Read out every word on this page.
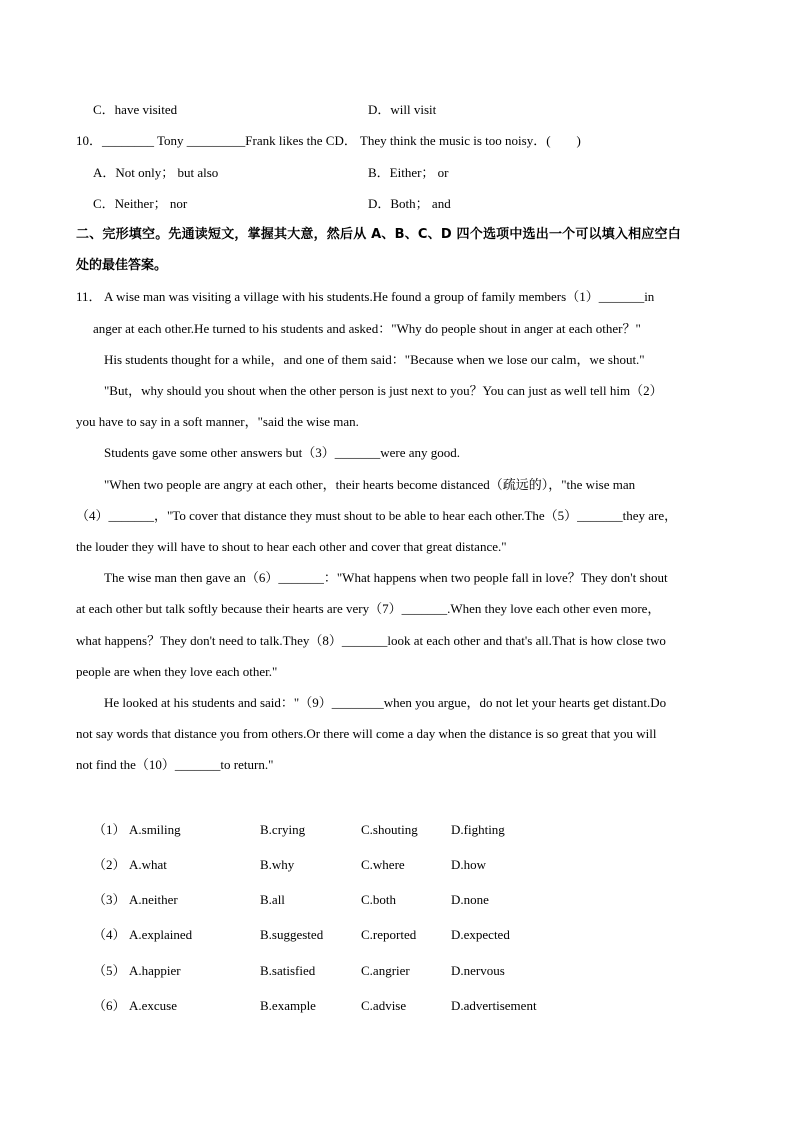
C．have visited	D．will visit
10．________ Tony _________Frank likes the CD． They think the music is too noisy．(　　)
A．Not only； but also	B．Either； or
C．Neither； nor	D．Both； and
二、完形填空。先通读短文，掌握其大意，然后从 A、B、C、D 四个选项中选出一个可以填入相应空白
处的最佳答案。
11． A wise man was visiting a village with his students.He found a group of family members（1）_______in
anger at each other.He turned to his students and asked："Why do people shout in anger at each other？"
His students thought for a while，and one of them said："Because when we lose our calm，we shout."
"But，why should you shout when the other person is just next to you？You can just as well tell him（2）
you have to say in a soft manner，"said the wise man.
Students gave some other answers but（3）_______were any good.
"When two people are angry at each other，their hearts become distanced（疏远的），"the wise man
（4）_______，"To cover that distance they must shout to be able to hear each other.The（5）_______they are，
the louder they will have to shout to hear each other and cover that great distance."
The wise man then gave an（6）_______："What happens when two people fall in love？They don't shout
at each other but talk softly because their hearts are very（7）_______.When they love each other even more，
what happens？They don't need to talk.They（8）_______look at each other and that's all.That is how close two
people are when they love each other."
He looked at his students and said："（9）________when you argue，do not let your hearts get distant.Do
not say words that distance you from others.Or there will come a day when the distance is so great that you will
not find the（10）_______to return."
（1） A.smiling	B.crying	C.shouting	D.fighting
（2） A.what	B.why	C.where	D.how
（3） A.neither	B.all	C.both	D.none
（4） A.explained	B.suggested	C.reported	D.expected
（5） A.happier	B.satisfied	C.angrier	D.nervous
（6） A.excuse	B.example	C.advise	D.advertisement
